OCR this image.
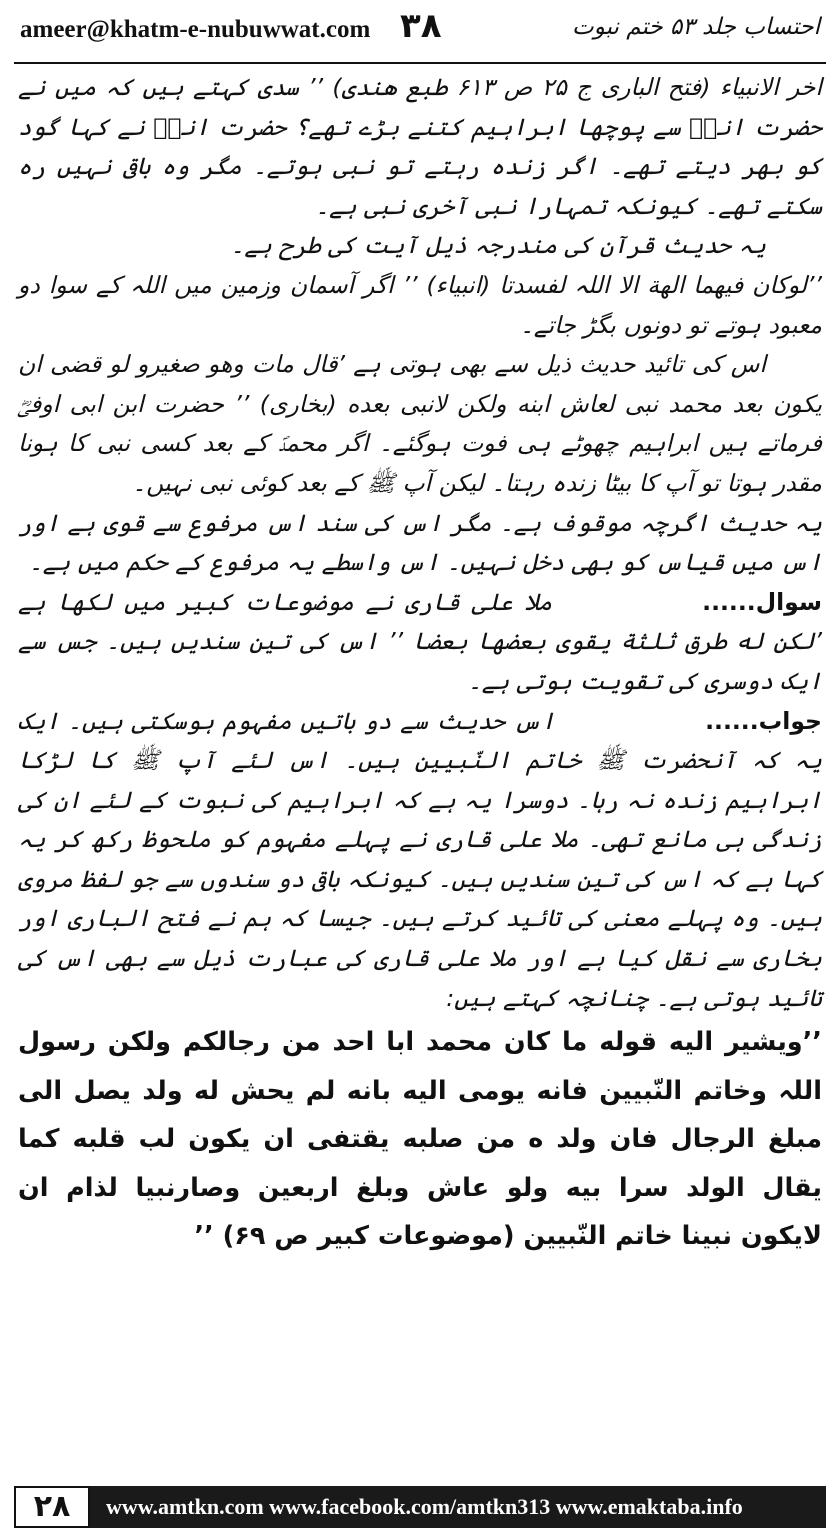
ameer@khatm-e-nubuwwat.com ۳۸	احتساب جلد ۵۳ ختم نبوت

اخر الانبیاء (فتح الباری ج ۲۵ ص ۶۱۳ طبع ھندی) ’’ سدی کہتے ہیں کہ میں نے حضرت انسؓ سے پوچھا ابراہیم کتنے بڑے تھے؟ حضرت انسؓ نے کہا گود کو بھر دیتے تھے۔ اگر زندہ رہتے تو نبی ہوتے۔ مگر وہ باقی نہیں رہ سکتے تھے۔ کیونکہ تمہارا نبی آخری نبی ہے۔

یہ حدیث قرآن کی مندرجہ ذیل آیت کی طرح ہے۔

’’لوکان فیھما الھة الا اللہ لفسدتا (انبیاء) ’’ اگر آسمان وزمین میں اللہ کے سوا دو معبود ہوتے تو دونوں بگڑ جاتے۔

اس کی تائید حدیث ذیل سے بھی ہوتی ہے ’قال مات وھو صغیرو لو قضی ان یکون بعد محمد نبی لعاش ابنه ولکن لانبی بعده (بخاری) ’’ حضرت ابن ابی اوفیؓ فرماتے ہیں ابراہیم چھوٹے ہی فوت ہوگئے۔ اگر محمدؐ کے بعد کسی نبی کا ہونا مقدر ہوتا تو آپ کا بیٹا زندہ رہتا۔ لیکن آپ ﷺ کے بعد کوئی نبی نہیں۔

یہ حدیث اگرچہ موقوف ہے۔ مگر اس کی سند اس مرفوع سے قوی ہے اور اس میں قیاس کو بھی دخل نہیں۔ اس واسطے یہ مرفوع کے حکم میں ہے۔

سوال......ملا علی قاری نے موضوعات کبیر میں لکھا ہے ’لکن له طرق ثلثة یقوی بعضھا بعضا ’’ اس کی تین سندیں ہیں۔ جس سے ایک دوسری کی تقویت ہوتی ہے۔

جواب......اس حدیث سے دو باتیں مفہوم ہوسکتی ہیں۔ ایک یہ کہ آنحضرت ﷺ خاتم النّبیین ہیں۔ اس لئے آپ ﷺ کا لڑکا ابراہیم زندہ نہ رہا۔ دوسرا یہ ہے کہ ابراہیم کی نبوت کے لئے ان کی زندگی ہی مانع تھی۔ ملا علی قاری نے پہلے مفہوم کو ملحوظ رکھ کر یہ کہا ہے کہ اس کی تین سندیں ہیں۔ کیونکہ باقی دو سندوں سے جو لفظ مروی ہیں۔ وہ پہلے معنی کی تائید کرتے ہیں۔ جیسا کہ ہم نے فتح الباری اور بخاری سے نقل کیا ہے اور ملا علی قاری کی عبارت ذیل سے بھی اس کی تائید ہوتی ہے۔ چنانچہ کہتے ہیں:

’’ویشیر الیه قوله ما کان محمد ابا احد من رجالکم ولکن رسول اللہ وخاتم النّبیین فانه یومی الیه بانه لم یحش له ولد یصل الی مبلغ الرجال فان ولد ه من صلبه یقتفی ان یکون لب قلبه کما یقال الولد سرا بیه ولو عاش وبلغ اربعین وصارنبیا لذام ان لایکون نبینا خاتم النّبیین (موضوعات کبیر ص ۶۹) ’’

۲۸	www.amtkn.com www.facebook.com/amtkn313 www.emaktaba.info
